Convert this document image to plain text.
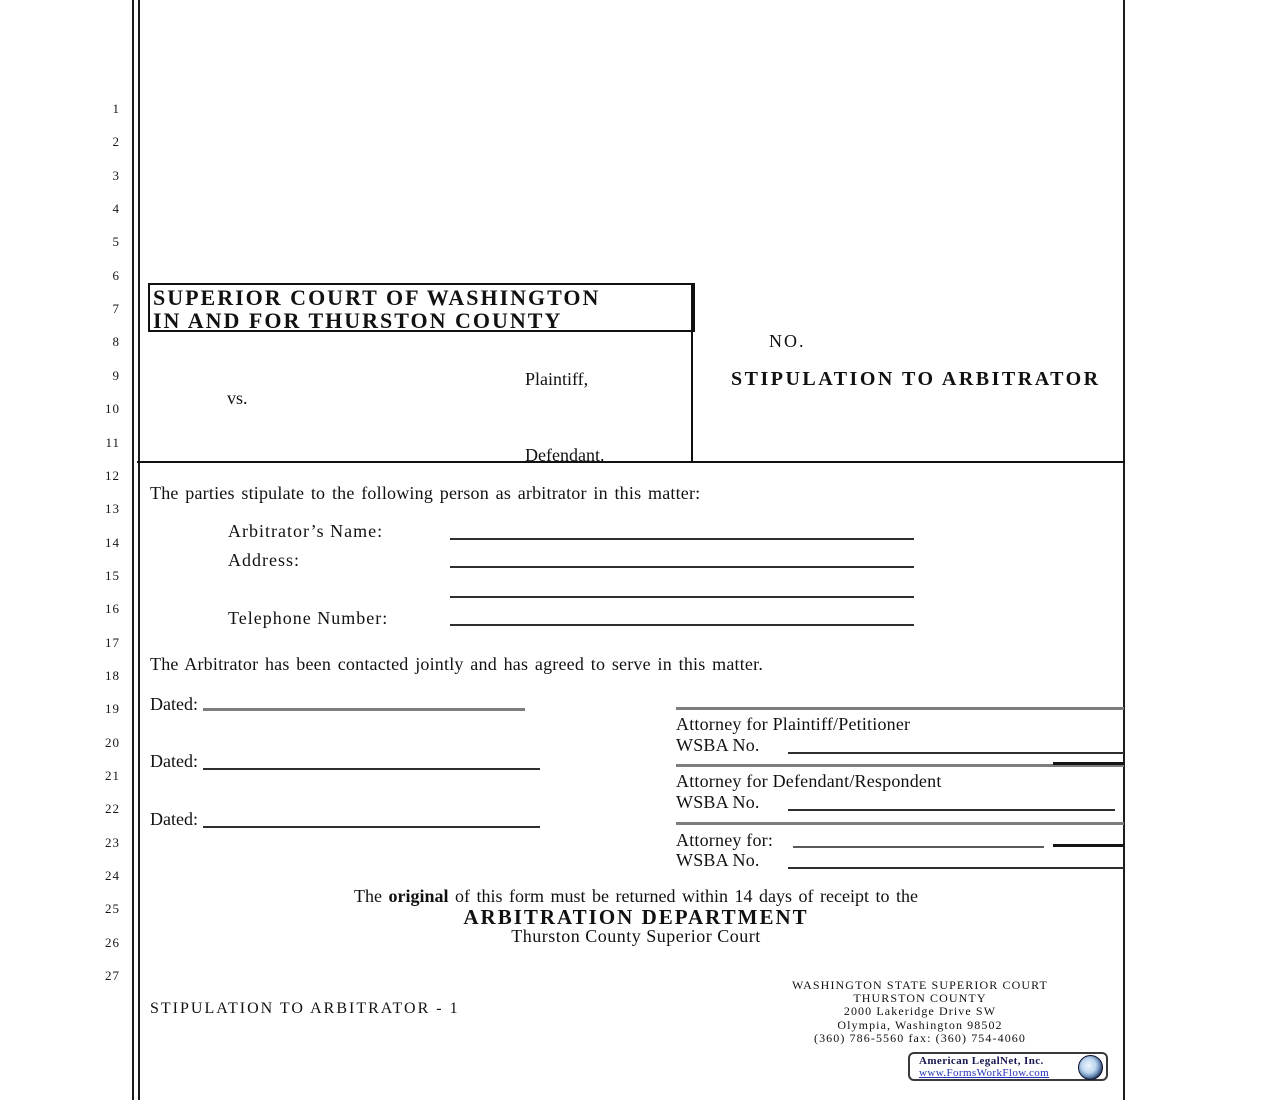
1
2
3
4
5
6
7
8
9
10
11
12
13
14
15
16
17
18
19
20
21
22
23
24
25
26
27
SUPERIOR COURT OF WASHINGTON
IN AND FOR THURSTON COUNTY
Plaintiff,
vs.
Defendant.
NO.
STIPULATION TO ARBITRATOR
The parties stipulate to the following person as arbitrator in this matter:
Arbitrator’s Name:
Address:
Telephone Number:
The Arbitrator has been contacted jointly and has agreed to serve in this matter.
Dated:
Attorney for Plaintiff/Petitioner
WSBA No.
Dated:
Attorney for Defendant/Respondent
WSBA No.
Dated:
Attorney for:
WSBA No.
The original of this form must be returned within 14 days of receipt to the
ARBITRATION DEPARTMENT
Thurston County Superior Court
STIPULATION TO ARBITRATOR - 1
WASHINGTON STATE SUPERIOR COURT
THURSTON COUNTY
2000 Lakeridge Drive SW
Olympia, Washington 98502
(360) 786-5560 fax: (360) 754-4060
American LegalNet, Inc.
www.FormsWorkFlow.com
